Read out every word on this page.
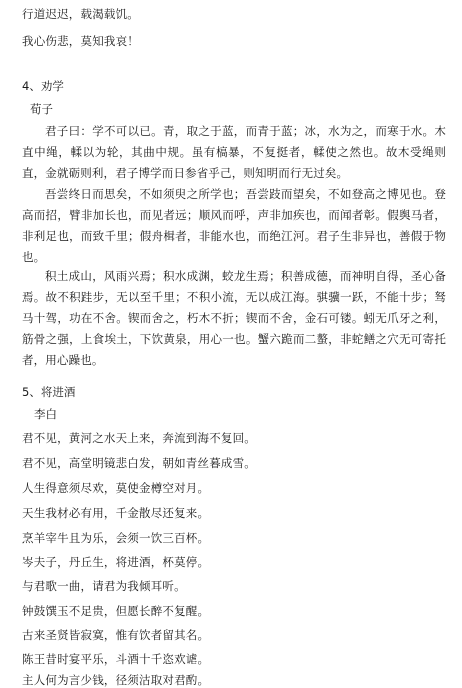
行道迟迟，载渴载饥。
我心伤悲，莫知我哀！
4、劝学
荀子
君子曰：学不可以已。青，取之于蓝，而青于蓝；冰，水为之，而寒于水。木直中绳，輮以为轮，其曲中规。虽有槁暴，不复挺者，輮使之然也。故木受绳则直，金就砺则利，君子博学而日参省乎己，则知明而行无过矣。
吾尝终日而思矣，不如须臾之所学也；吾尝跂而望矣，不如登高之博见也。登高而招，臂非加长也，而见者远；顺风而呼，声非加疾也，而闻者彰。假舆马者，非利足也，而致千里；假舟楫者，非能水也，而绝江河。君子生非异也，善假于物也。
积土成山，风雨兴焉；积水成渊，蛟龙生焉；积善成德，而神明自得，圣心备焉。故不积跬步，无以至千里；不积小流，无以成江海。骐骥一跃，不能十步；驽马十驾，功在不舍。锲而舍之，朽木不折；锲而不舍，金石可镂。蚓无爪牙之利，筋骨之强，上食埃土，下饮黄泉，用心一也。蟹六跪而二螯，非蛇鳝之穴无可寄托者，用心躁也。
5、将进酒
李白
君不见，黄河之水天上来，奔流到海不复回。
君不见，高堂明镜悲白发，朝如青丝暮成雪。
人生得意须尽欢，莫使金樽空对月。
天生我材必有用，千金散尽还复来。
烹羊宰牛且为乐，会须一饮三百杯。
岑夫子，丹丘生，将进酒，杯莫停。
与君歌一曲，请君为我倾耳听。
钟鼓馔玉不足贵，但愿长醉不复醒。
古来圣贤皆寂寞，惟有饮者留其名。
陈王昔时宴平乐，斗酒十千恣欢谑。
主人何为言少钱，径须沽取对君酌。
